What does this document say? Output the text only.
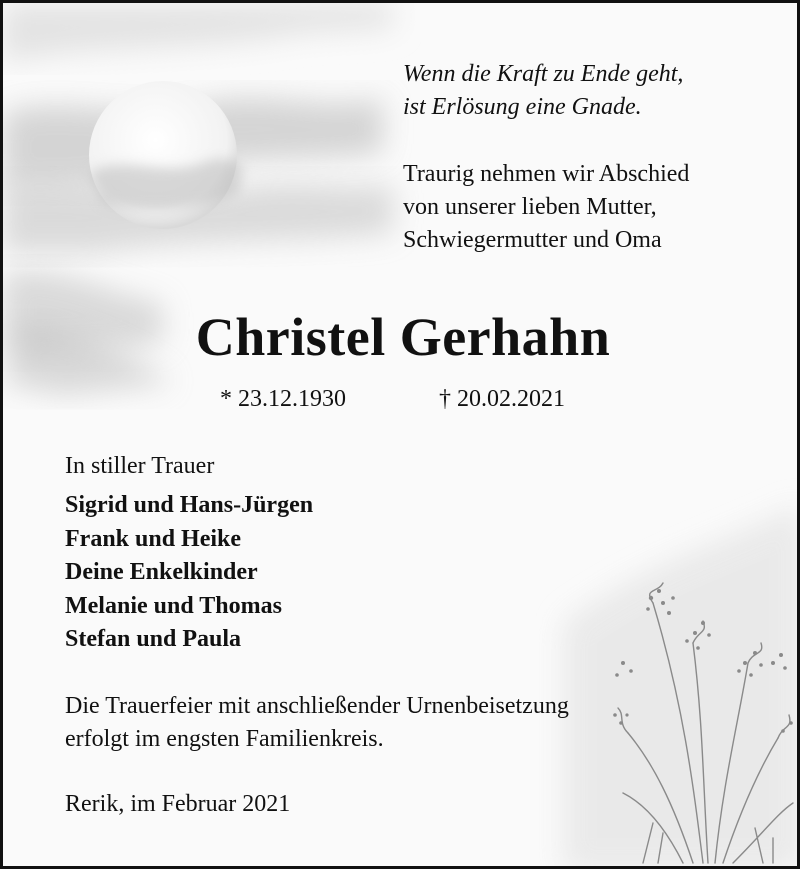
Wenn die Kraft zu Ende geht,
ist Erlösung eine Gnade.
Traurig nehmen wir Abschied
von unserer lieben Mutter,
Schwiegermutter und Oma
Christel Gerhahn
* 23.12.1930	† 20.02.2021
In stiller Trauer
Sigrid und Hans-Jürgen
Frank und Heike
Deine Enkelkinder
Melanie und Thomas
Stefan und Paula
Die Trauerfeier mit anschließender Urnenbeisetzung
erfolgt im engsten Familienkreis.
Rerik, im Februar 2021
